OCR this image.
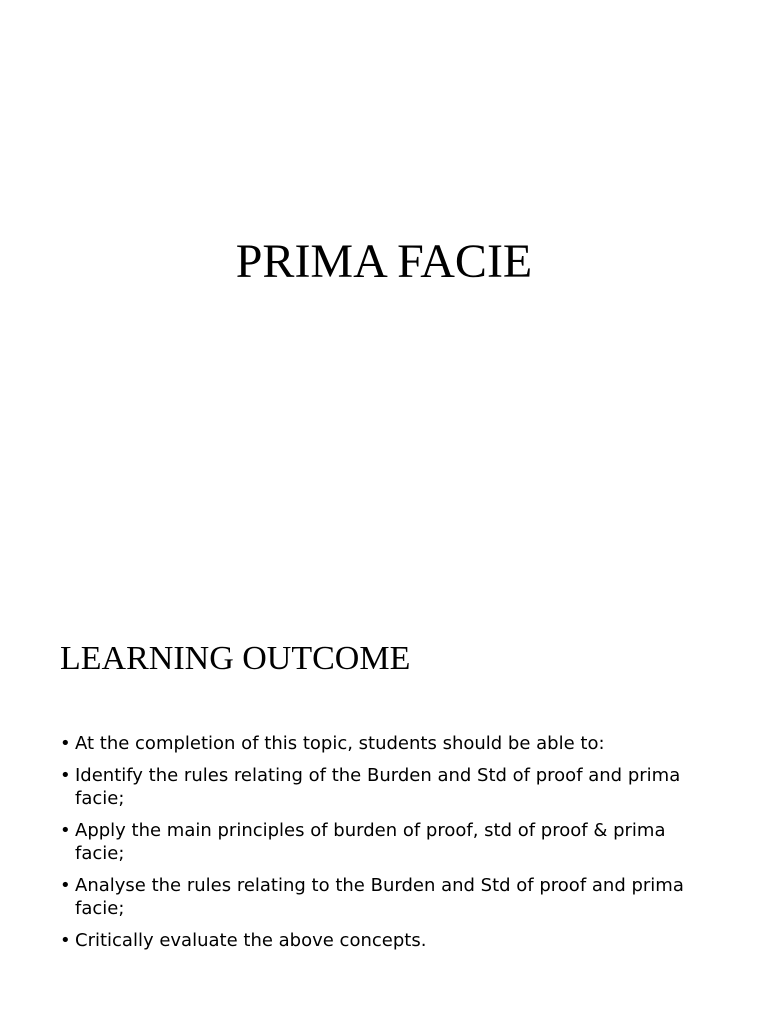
PRIMA FACIE
LEARNING OUTCOME
• At the completion of this topic, students should be able to:
• Identify the rules relating of the Burden and Std of proof and prima facie;
• Apply the main principles of burden of proof, std of proof & prima facie;
• Analyse the rules relating to the Burden and Std of proof and prima facie;
• Critically evaluate the above concepts.
